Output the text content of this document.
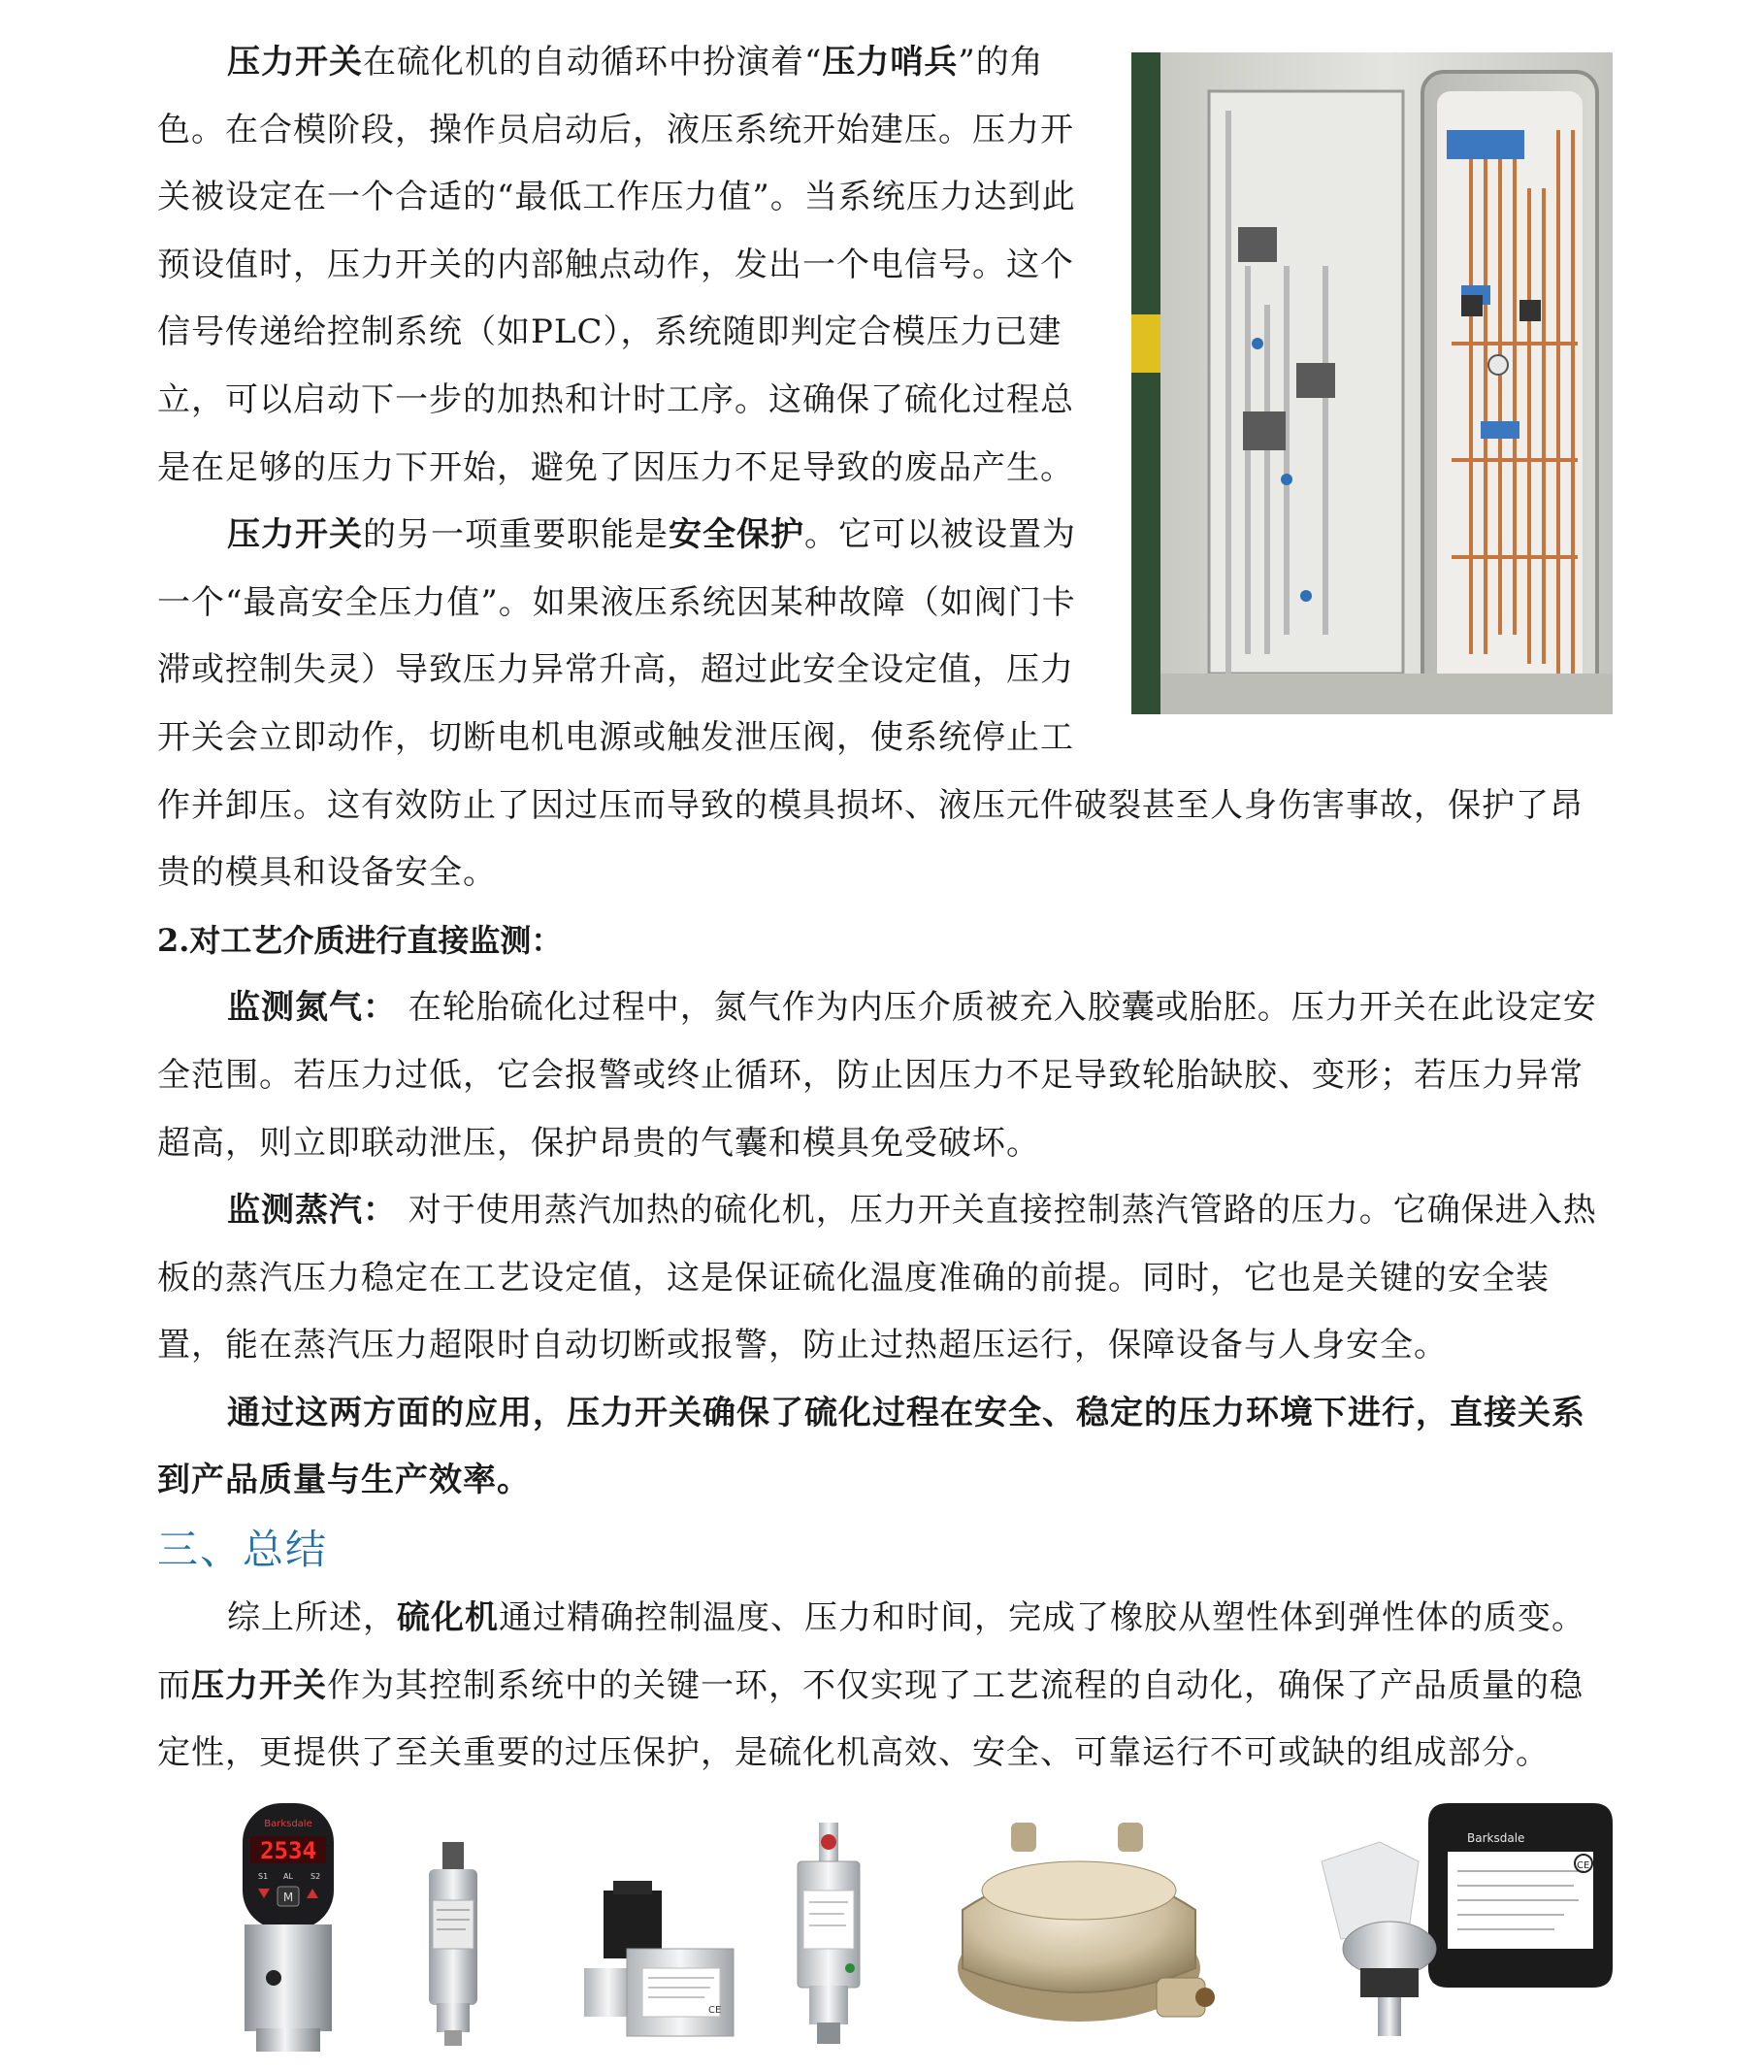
压力开关在硫化机的自动循环中扮演着“压力哨兵”的角色。在合模阶段，操作员启动后，液压系统开始建压。压力开关被设定在一个合适的“最低工作压力值”。当系统压力达到此预设值时，压力开关的内部触点动作，发出一个电信号。这个信号传递给控制系统（如PLC），系统随即判定合模压力已建立，可以启动下一步的加热和计时工序。这确保了硫化过程总是在足够的压力下开始，避免了因压力不足导致的废品产生。

压力开关的另一项重要职能是安全保护。它可以被设置为一个“最高安全压力值”。如果液压系统因某种故障（如阀门卡滞或控制失灵）导致压力异常升高，超过此安全设定值，压力开关会立即动作，切断电机电源或触发泄压阀，使系统停止工作并卸压。这有效防止了因过压而导致的模具损坏、液压元件破裂甚至人身伤害事故，保护了昂贵的模具和设备安全。

2.对工艺介质进行直接监测：

监测氮气： 在轮胎硫化过程中，氮气作为内压介质被充入胶囊或胎胚。压力开关在此设定安全范围。若压力过低，它会报警或终止循环，防止因压力不足导致轮胎缺胶、变形；若压力异常超高，则立即联动泄压，保护昂贵的气囊和模具免受破坏。

监测蒸汽： 对于使用蒸汽加热的硫化机，压力开关直接控制蒸汽管路的压力。它确保进入热板的蒸汽压力稳定在工艺设定值，这是保证硫化温度准确的前提。同时，它也是关键的安全装置，能在蒸汽压力超限时自动切断或报警，防止过热超压运行，保障设备与人身安全。

通过这两方面的应用，压力开关确保了硫化过程在安全、稳定的压力环境下进行，直接关系到产品质量与生产效率。

三、总结

综上所述，硫化机通过精确控制温度、压力和时间，完成了橡胶从塑性体到弹性体的质变。而压力开关作为其控制系统中的关键一环，不仅实现了工艺流程的自动化，确保了产品质量的稳定性，更提供了至关重要的过压保护，是硫化机高效、安全、可靠运行不可或缺的组成部分。

Barksdale
2534
S1 AL S2
M
CE
Barksdale
CE
